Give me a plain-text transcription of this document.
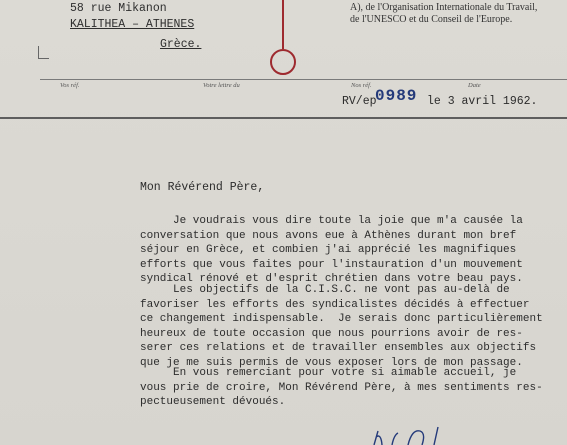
58 rue Mikanon
KALITHEA – ATHENES
Grèce.
A), de l'Organisation Internationale du Travail,
de l'UNESCO et du Conseil de l'Europe.
Vos réf.	Votre lettre du	Nos réf.	Date
RV/ep
0989 le 3 avril 1962.
Mon Révérend Père,
Je voudrais vous dire toute la joie que m'a causée la
conversation que nous avons eue à Athènes durant mon bref
séjour en Grèce, et combien j'ai apprécié les magnifiques
efforts que vous faites pour l'instauration d'un mouvement
syndical rénové et d'esprit chrétien dans votre beau pays.
Les objectifs de la C.I.S.C. ne vont pas au-delà de
favoriser les efforts des syndicalistes décidés à effectuer
ce changement indispensable.  Je serais donc particulièrement
heureux de toute occasion que nous pourrions avoir de res-
serer ces relations et de travailler ensembles aux objectifs
que je me suis permis de vous exposer lors de mon passage.
En vous remerciant pour votre si aimable accueil, je
vous prie de croire, Mon Révérend Père, à mes sentiments res-
pectueusement dévoués.
